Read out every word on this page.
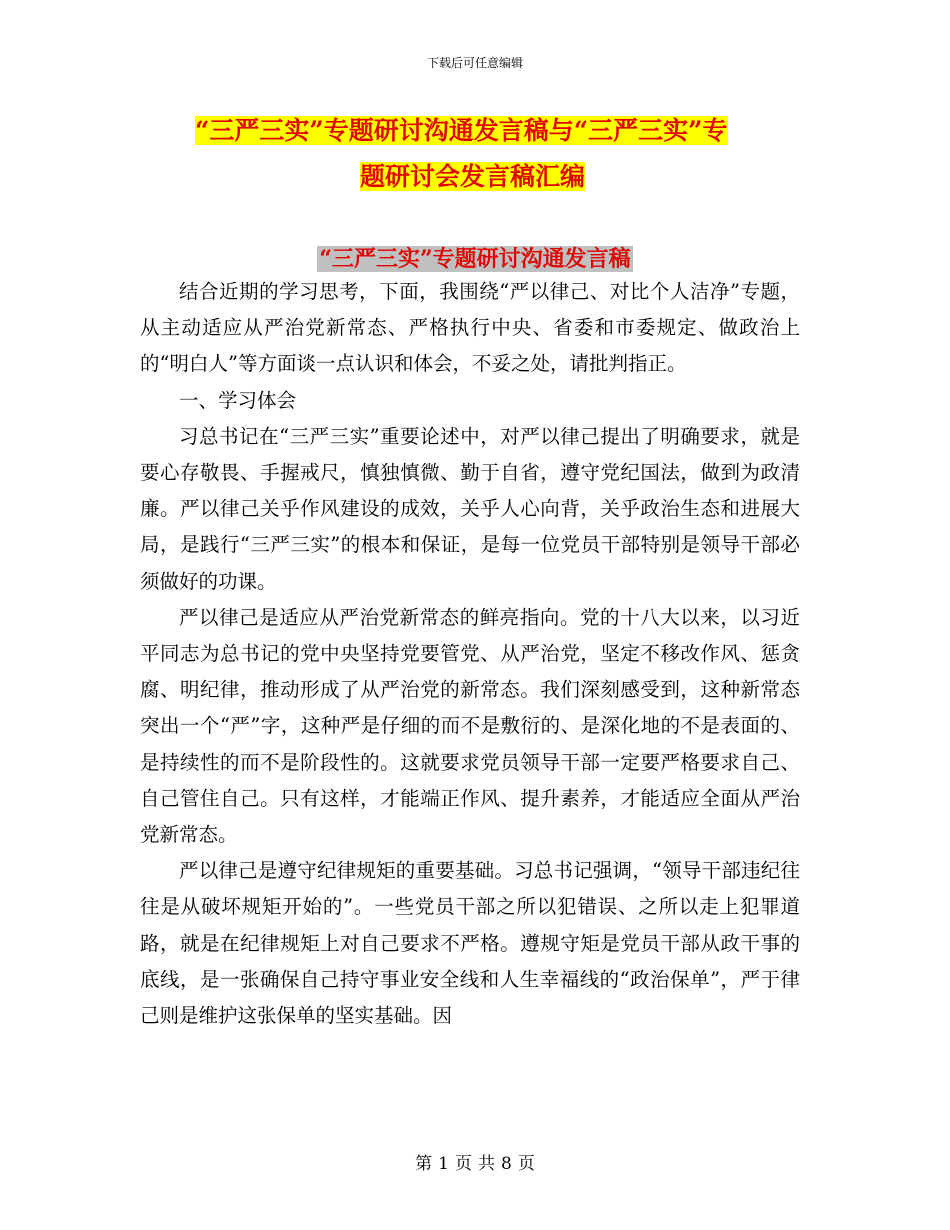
下载后可任意编辑
“三严三实”专题研讨沟通发言稿与“三严三实”专
题研讨会发言稿汇编
“三严三实”专题研讨沟通发言稿

结合近期的学习思考，下面，我围绕“严以律己、对比个人洁净”专题，从主动适应从严治党新常态、严格执行中央、省委和市委规定、做政治上的“明白人”等方面谈一点认识和体会，不妥之处，请批判指正。

一、学习体会

习总书记在“三严三实”重要论述中，对严以律己提出了明确要求，就是要心存敬畏、手握戒尺，慎独慎微、勤于自省，遵守党纪国法，做到为政清廉。严以律己关乎作风建设的成效，关乎人心向背，关乎政治生态和进展大局，是践行“三严三实”的根本和保证，是每一位党员干部特别是领导干部必须做好的功课。

严以律己是适应从严治党新常态的鲜亮指向。党的十八大以来，以习近平同志为总书记的党中央坚持党要管党、从严治党，坚定不移改作风、惩贪腐、明纪律，推动形成了从严治党的新常态。我们深刻感受到，这种新常态突出一个“严”字，这种严是仔细的而不是敷衍的、是深化地的不是表面的、是持续性的而不是阶段性的。这就要求党员领导干部一定要严格要求自己、自己管住自己。只有这样，才能端正作风、提升素养，才能适应全面从严治党新常态。

严以律己是遵守纪律规矩的重要基础。习总书记强调，“领导干部违纪往往是从破坏规矩开始的”。一些党员干部之所以犯错误、之所以走上犯罪道路，就是在纪律规矩上对自己要求不严格。遵规守矩是党员干部从政干事的底线，是一张确保自己持守事业安全线和人生幸福线的“政治保单”，严于律己则是维护这张保单的坚实基础。因

第 1 页 共 8 页
